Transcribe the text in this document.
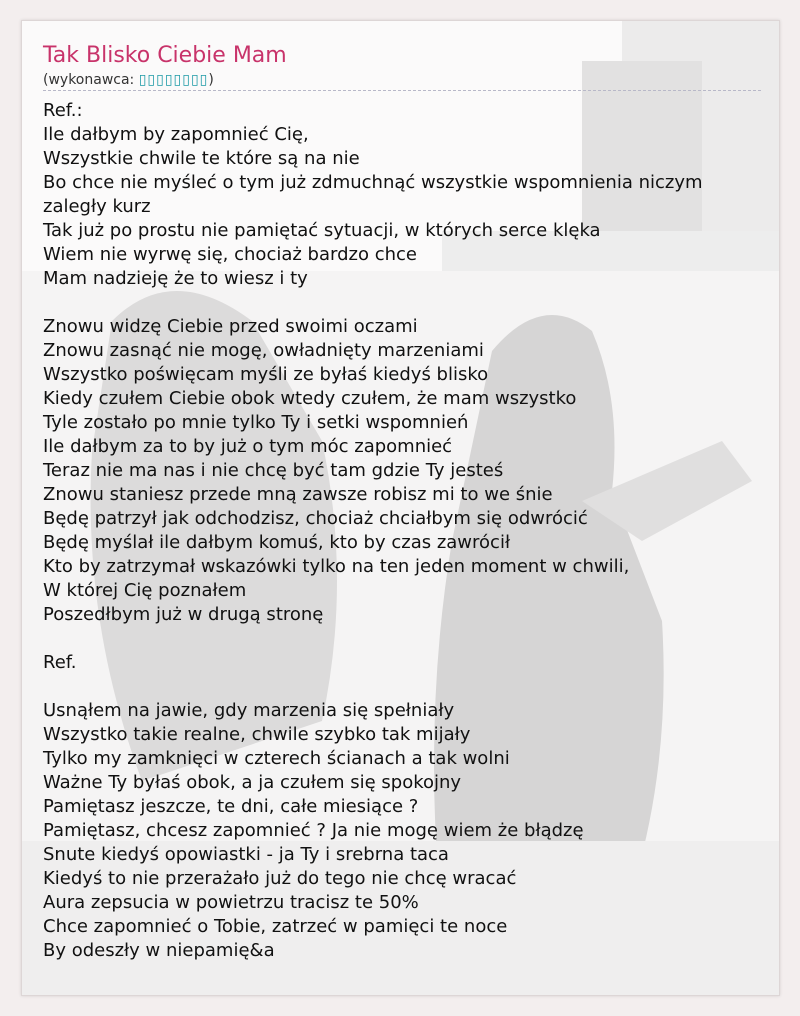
Tak Blisko Ciebie Mam
(wykonawca: ▯▯▯▯▯▯▯▯)
Ref.:
Ile dałbym by zapomnieć Cię,
Wszystkie chwile te które są na nie
Bo chce nie myśleć o tym już zdmuchnąć wszystkie wspomnienia niczym
zaległy kurz
Tak już po prostu nie pamiętać sytuacji, w których serce klęka
Wiem nie wyrwę się, chociaż bardzo chce
Mam nadzieję że to wiesz i ty
Znowu widzę Ciebie przed swoimi oczami
Znowu zasnąć nie mogę, owładnięty marzeniami
Wszystko poświęcam myśli ze byłaś kiedyś blisko
Kiedy czułem Ciebie obok wtedy czułem, że mam wszystko
Tyle zostało po mnie tylko Ty i setki wspomnień
Ile dałbym za to by już o tym móc zapomnieć
Teraz nie ma nas i nie chcę być tam gdzie Ty jesteś
Znowu staniesz przede mną zawsze robisz mi to we śnie
Będę patrzył jak odchodzisz, chociaż chciałbym się odwrócić
Będę myślał ile dałbym komuś, kto by czas zawrócił
Kto by zatrzymał wskazówki tylko na ten jeden moment w chwili,
W której Cię poznałem
Poszedłbym już w drugą stronę
Ref.
Usnąłem na jawie, gdy marzenia się spełniały
Wszystko takie realne, chwile szybko tak mijały
Tylko my zamknięci w czterech ścianach a tak wolni
Ważne Ty byłaś obok, a ja czułem się spokojny
Pamiętasz jeszcze, te dni, całe miesiące ?
Pamiętasz, chcesz zapomnieć ? Ja nie mogę wiem że błądzę
Snute kiedyś opowiastki - ja Ty i srebrna taca
Kiedyś to nie przerażało już do tego nie chcę wracać
Aura zepsucia w powietrzu tracisz te 50%
Chce zapomnieć o Tobie, zatrzeć w pamięci te noce
By odeszły w niepamię&a
